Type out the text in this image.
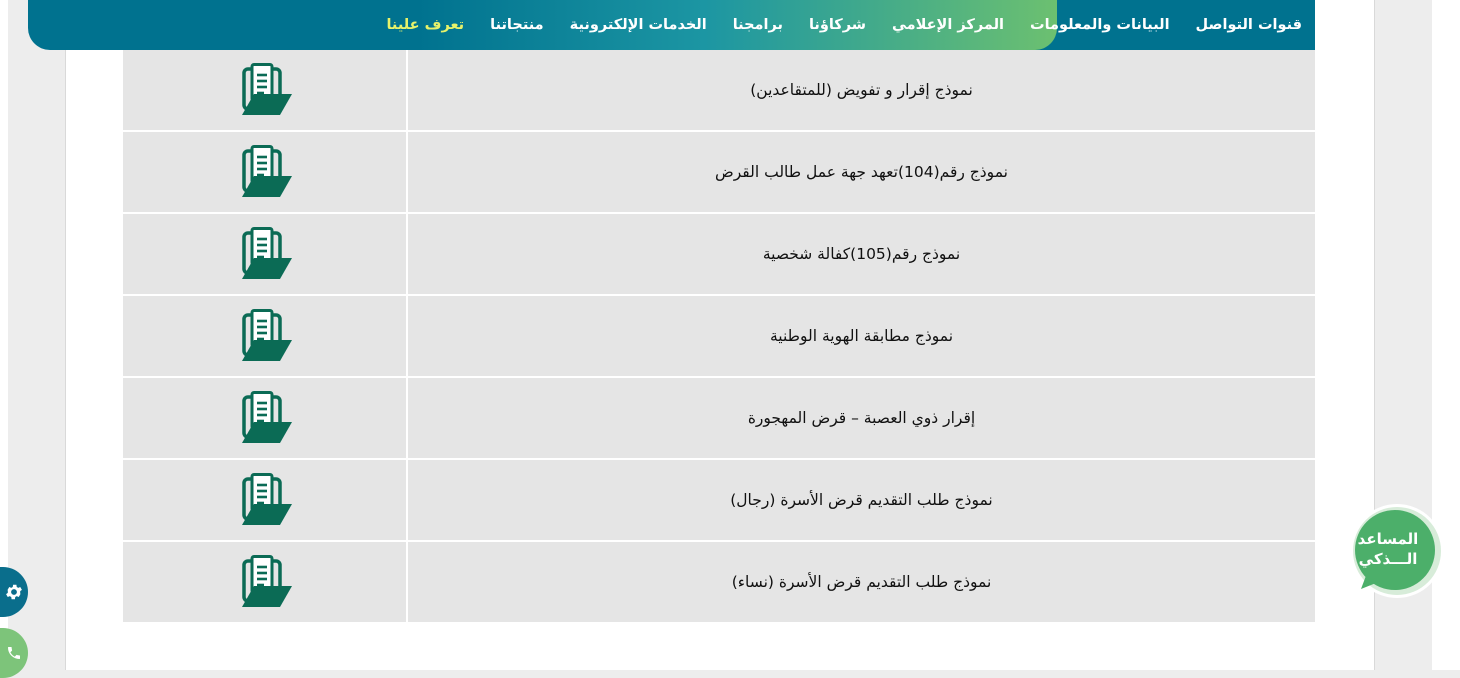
تعرف علينا	منتجاتنا	الخدمات الإلكترونية	برامجنا	شركاؤنا	المركز الإعلامي	البيانات والمعلومات	قنوات التواصل
	نموذج إقرار و تفويض (للمتقاعدين)
	نموذج رقم(104)تعهد جهة عمل طالب القرض
	نموذج رقم(105)كفالة شخصية
	نموذج مطابقة الهوية الوطنية
	إقرار ذوي العصبة – قرض المهجورة
	نموذج طلب التقديم قرض الأسرة (رجال)
	نموذج طلب التقديم قرض الأسرة (نساء)
المساعد
الـــذكي
